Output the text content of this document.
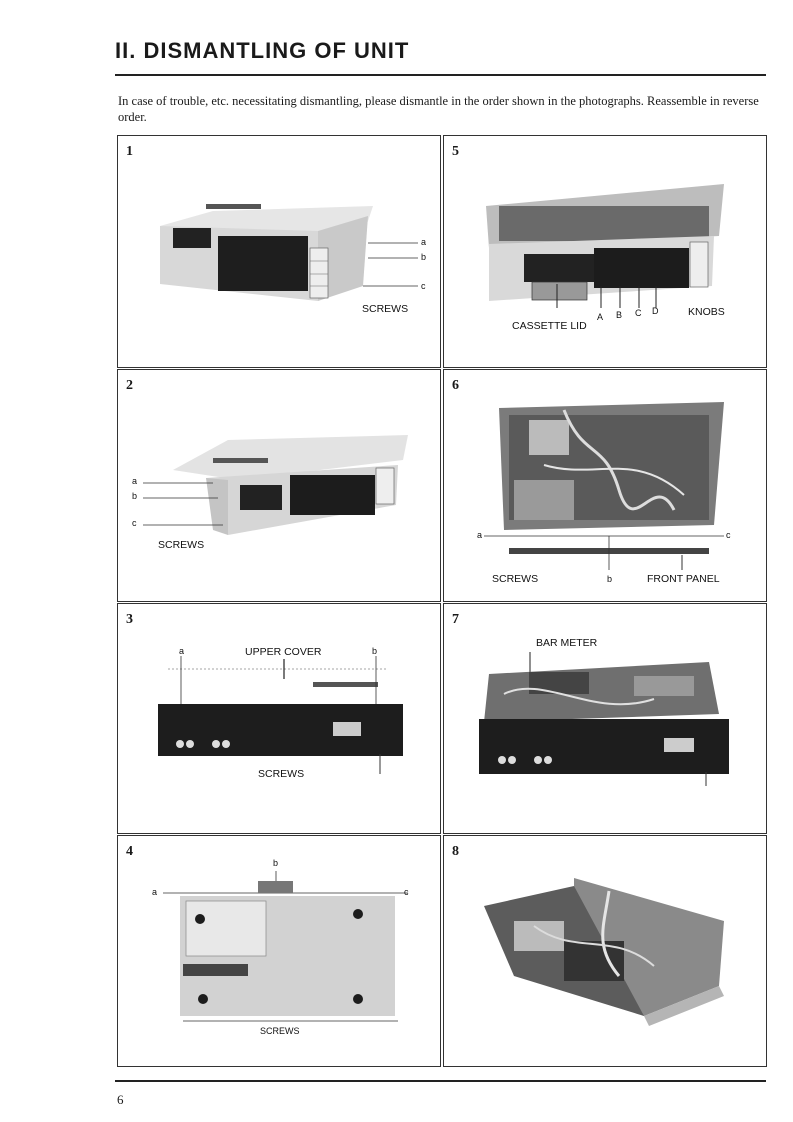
II. DISMANTLING OF UNIT
In case of trouble, etc. necessitating dismantling, please dismantle in the order shown in the photographs. Reassemble in reverse order.
1
a
b
c
SCREWS
5
CASSETTE LID
A B C D	KNOBS
2
a
b
c
SCREWS
6
a	c
SCREWS	b	FRONT PANEL
3
a	UPPER COVER	b
SCREWS
7
BAR METER
4
a
b
c
SCREWS
8
6
